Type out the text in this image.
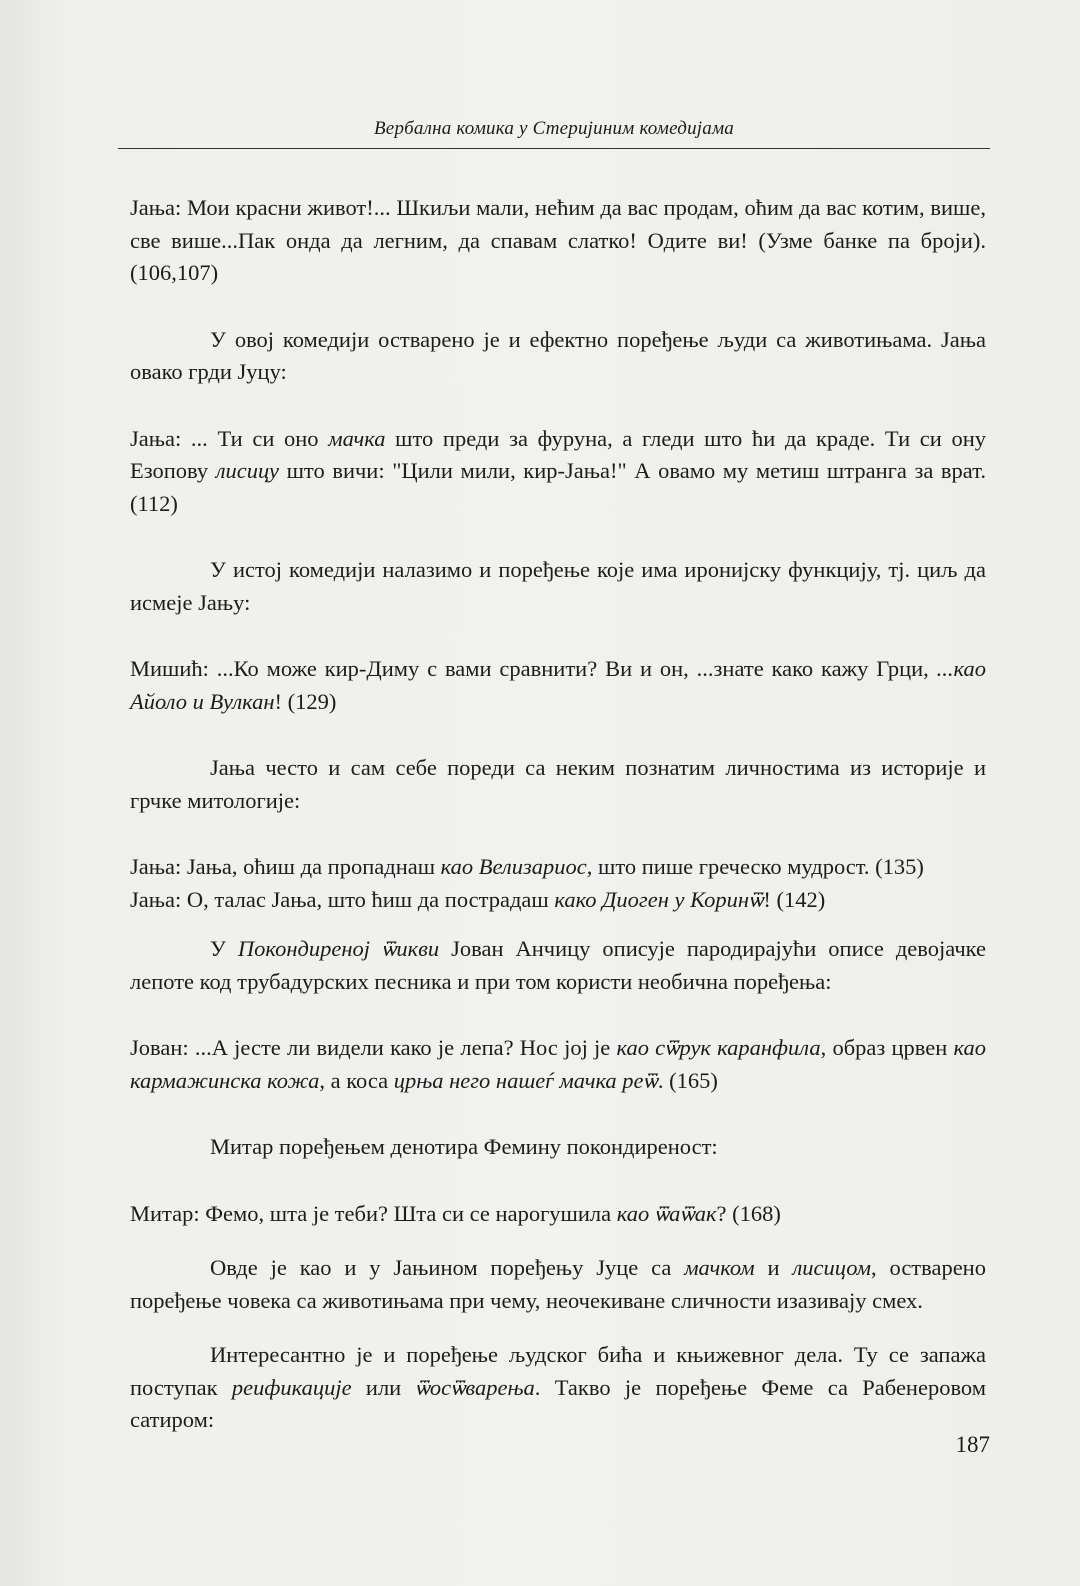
Вербална комика у Стеријиним комедијама

Јања: Мои красни живот!... Шкиљи мали, нећим да вас продам, оћим да вас котим, више, све више...Пак онда да легним, да спавам слатко! Одите ви! (Узме банке па броји). (106,107)

У овој комедији остварено је и ефектно поређење људи са животињама. Јања овако грди Јуцу:

Јања: ... Ти си оно мачка што преди за фуруна, а гледи што ћи да краде. Ти си ону Езопову лисицу што вичи: "Цили мили, кир-Јања!" А овамо му метиш штранга за врат. (112)

У истој комедији налазимо и поређење које има иронијску функцију, тј. циљ да исмеје Јању:

Мишић: ...Ко може кир-Диму с вами сравнити? Ви и он, ...знате како кажу Грци, ...као Айоло и Вулкан! (129)

Јања често и сам себе пореди са неким познатим личностима из историје и грчке митологије:

Јања: Јања, оћиш да пропаднаш као Велизариос, што пише греческо мудрост. (135)

Јања: О, талас Јања, што ћиш да пострадаш како Диоген у Коринѿ! (142)

У Покондиреној ѿикви Јован Анчицу описује пародирајући описе девојачке лепоте код трубадурских песника и при том користи необична поређења:

Јован: ...А јесте ли видели како је лепа? Нос јој је као сѿрук каранфила, образ црвен као кармажинска кожа, а коса црња него нашеѓ мачка реѿ. (165)

Митар поређењем денотира Фемину покондиреност:

Митар: Фемо, шта је теби? Шта си се нарогушила као ѿаѿак? (168)

Овде је као и у Јањином поређењу Јуце са мачком и лисицом, остварено поређење човека са животињама при чему, неочекиване сличности изазивају смех.

Интересантно је и поређење људског бића и књижевног дела. Ту се запажа поступак реификације или ѿосѿварења. Такво је поређење Феме са Рабенеровом сатиром:

187
